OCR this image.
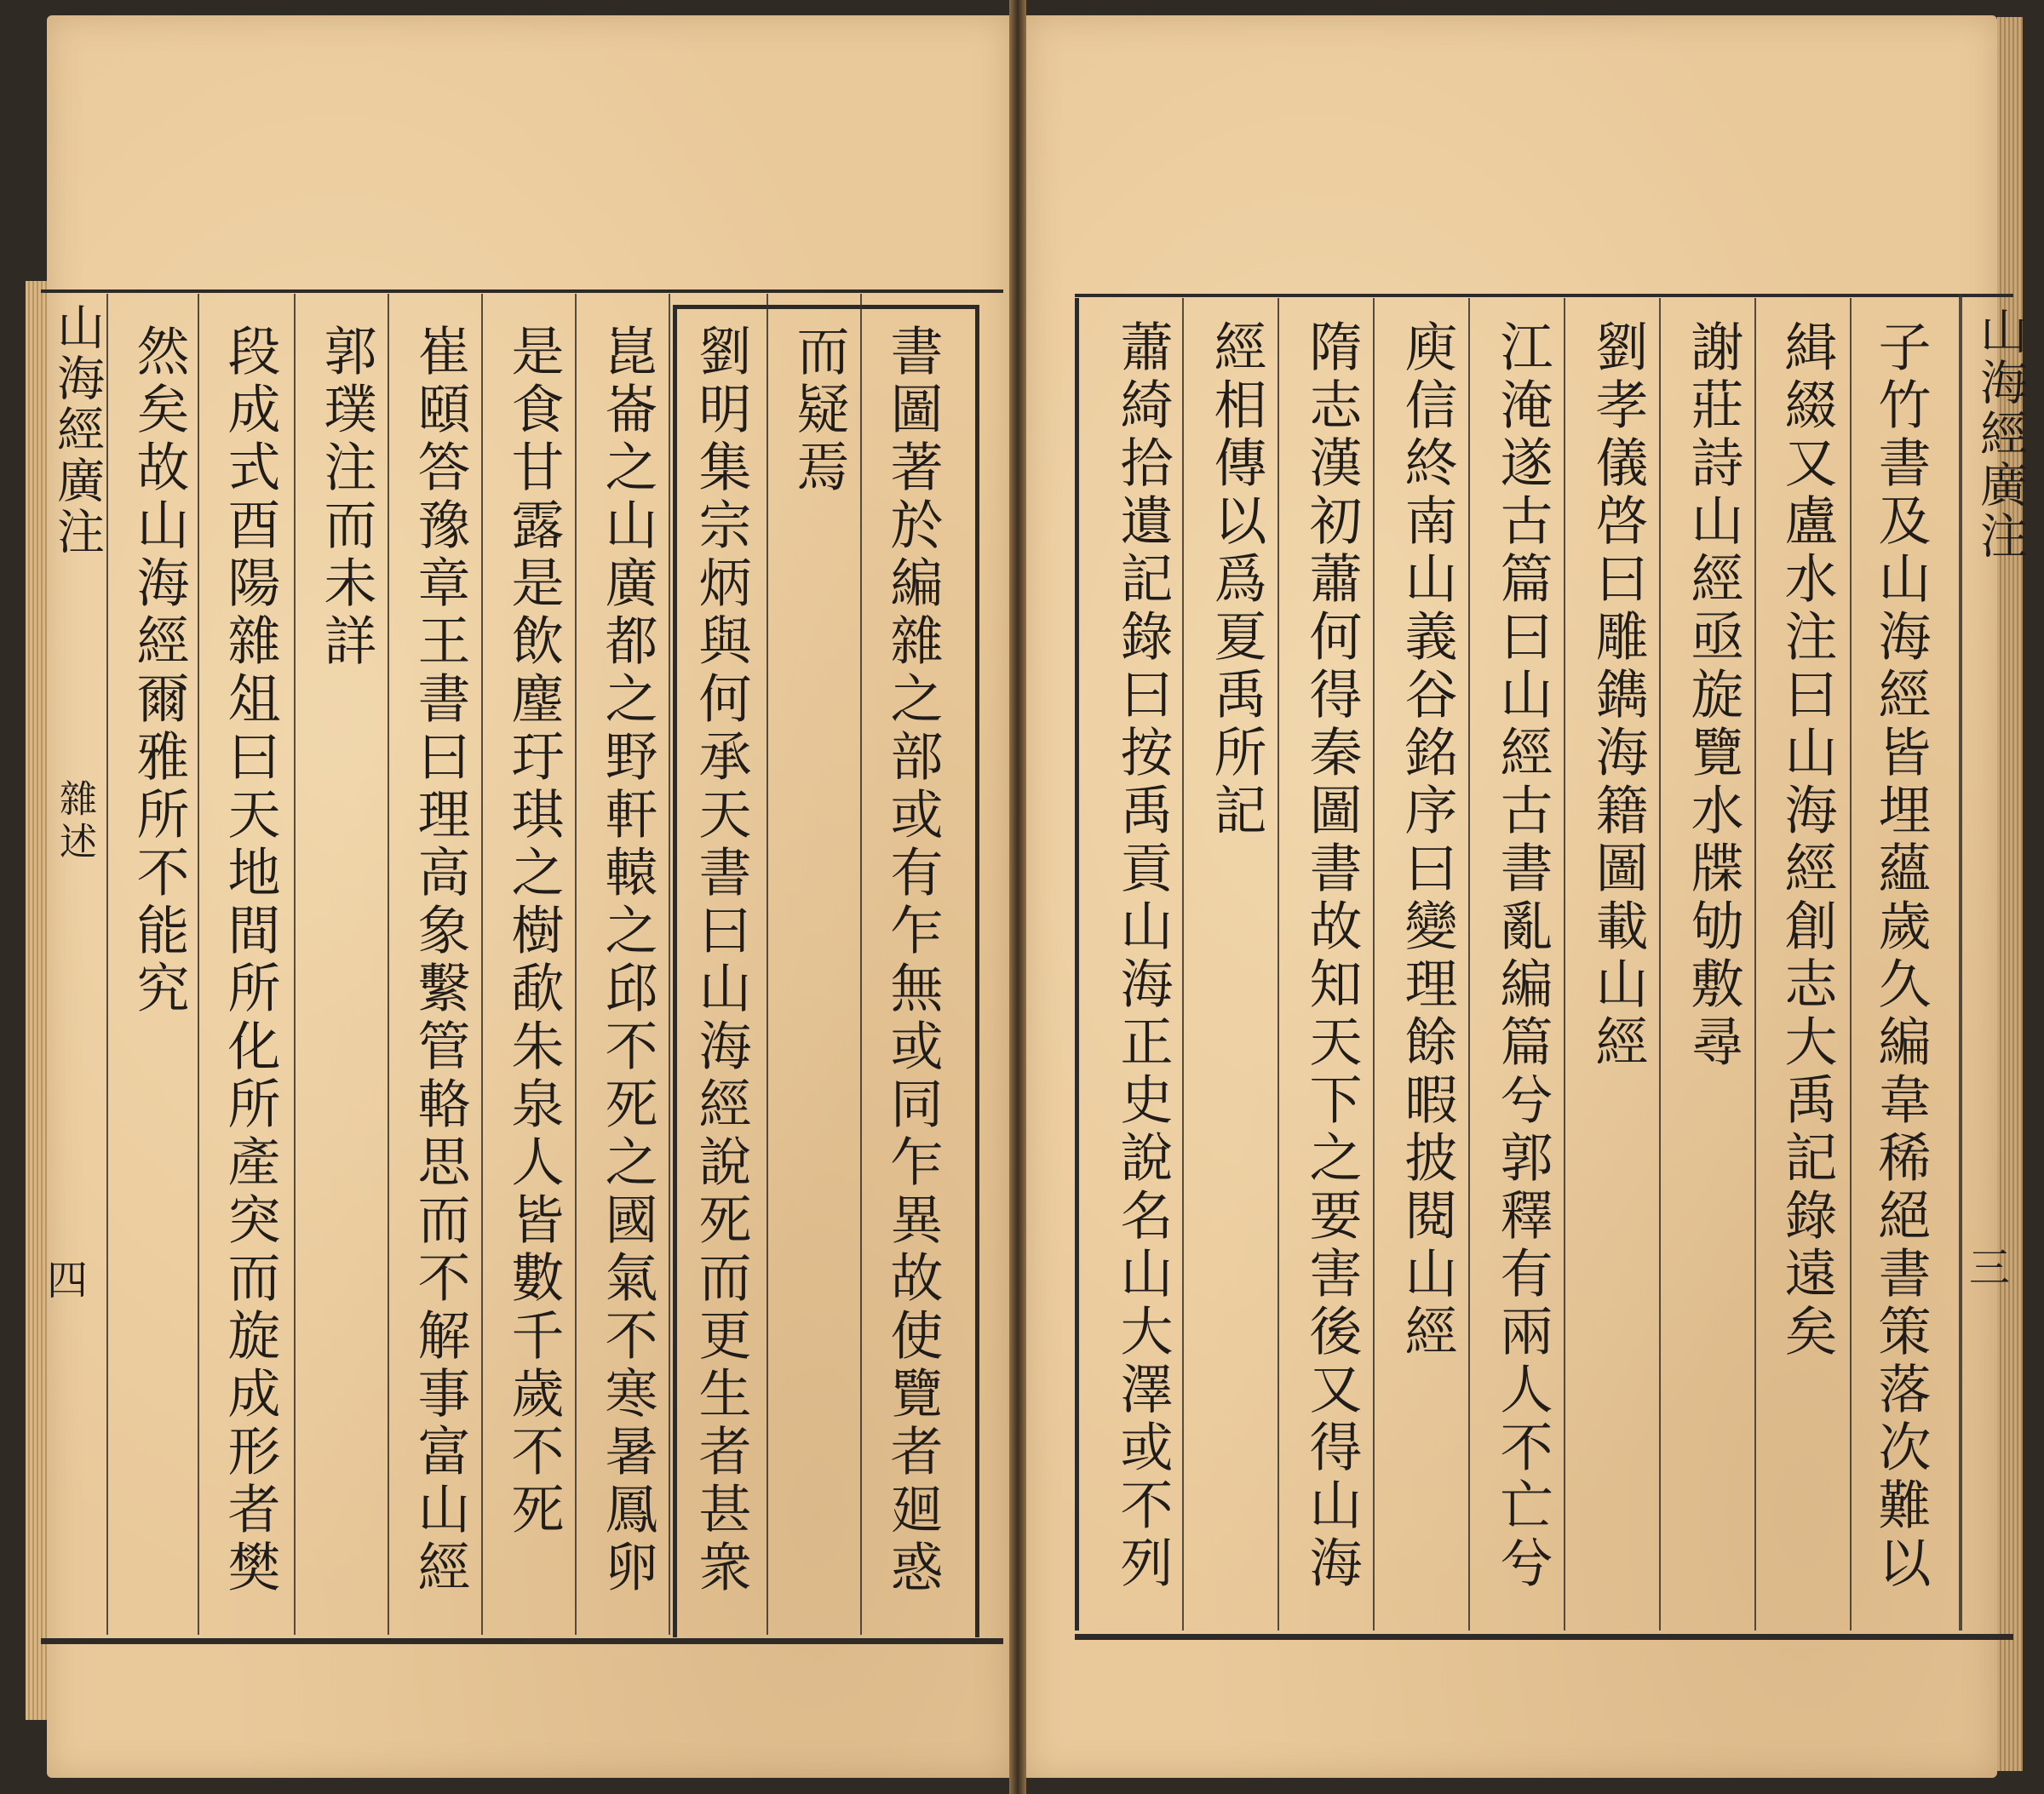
山海經廣注
雜述
四	書圖著於編雜之部或有乍無或同乍異故使覽者廻惑
而疑焉
劉明集宗炳與何承天書曰山海經說死而更生者甚衆
崑崙之山廣都之野軒轅之邱不死之國氣不寒暑鳳卵
是食甘露是飲麈玗琪之樹歃朱泉人皆數千歲不死
崔頤答豫章王書曰理高象繫管輅思而不解事富山經
郭璞注而未詳
段成式酉陽雜俎曰天地間所化所產突而旋成形者樊
然矣故山海經爾雅所不能究	子竹書及山海經皆埋蘊歲久編韋稀絕書策落次難以
緝綴又盧水注曰山海經創志大禹記錄遠矣
謝莊詩山經亟旋覽水牒劬敷尋
劉孝儀啓曰雕鐫海籍圖載山經
江淹遂古篇曰山經古書亂編篇兮郭釋有兩人不亡兮
庾信終南山義谷銘序曰變理餘暇披閱山經
隋志漢初蕭何得秦圖書故知天下之要害後又得山海
經相傳以爲夏禹所記
蕭綺拾遺記錄曰按禹貢山海正史說名山大澤或不列	山海經廣注
三
